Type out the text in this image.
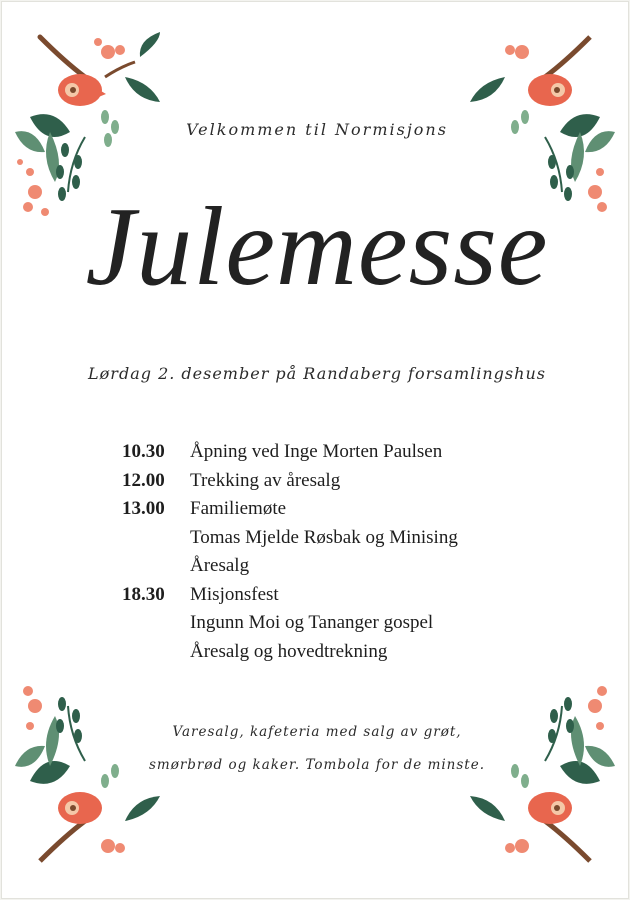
Velkommen til Normisjons
Julemesse
Lørdag 2. desember på Randaberg forsamlingshus
10.30	Åpning ved Inge Morten Paulsen
12.00	Trekking av åresalg
13.00	Familiemøte
Tomas Mjelde Røsbak og Minising
Åresalg
18.30	Misjonsfest
Ingunn Moi og Tananger gospel
Åresalg og hovedtrekning
Varesalg, kafeteria med salg av grøt,
smørbrød og kaker. Tombola for de minste.
